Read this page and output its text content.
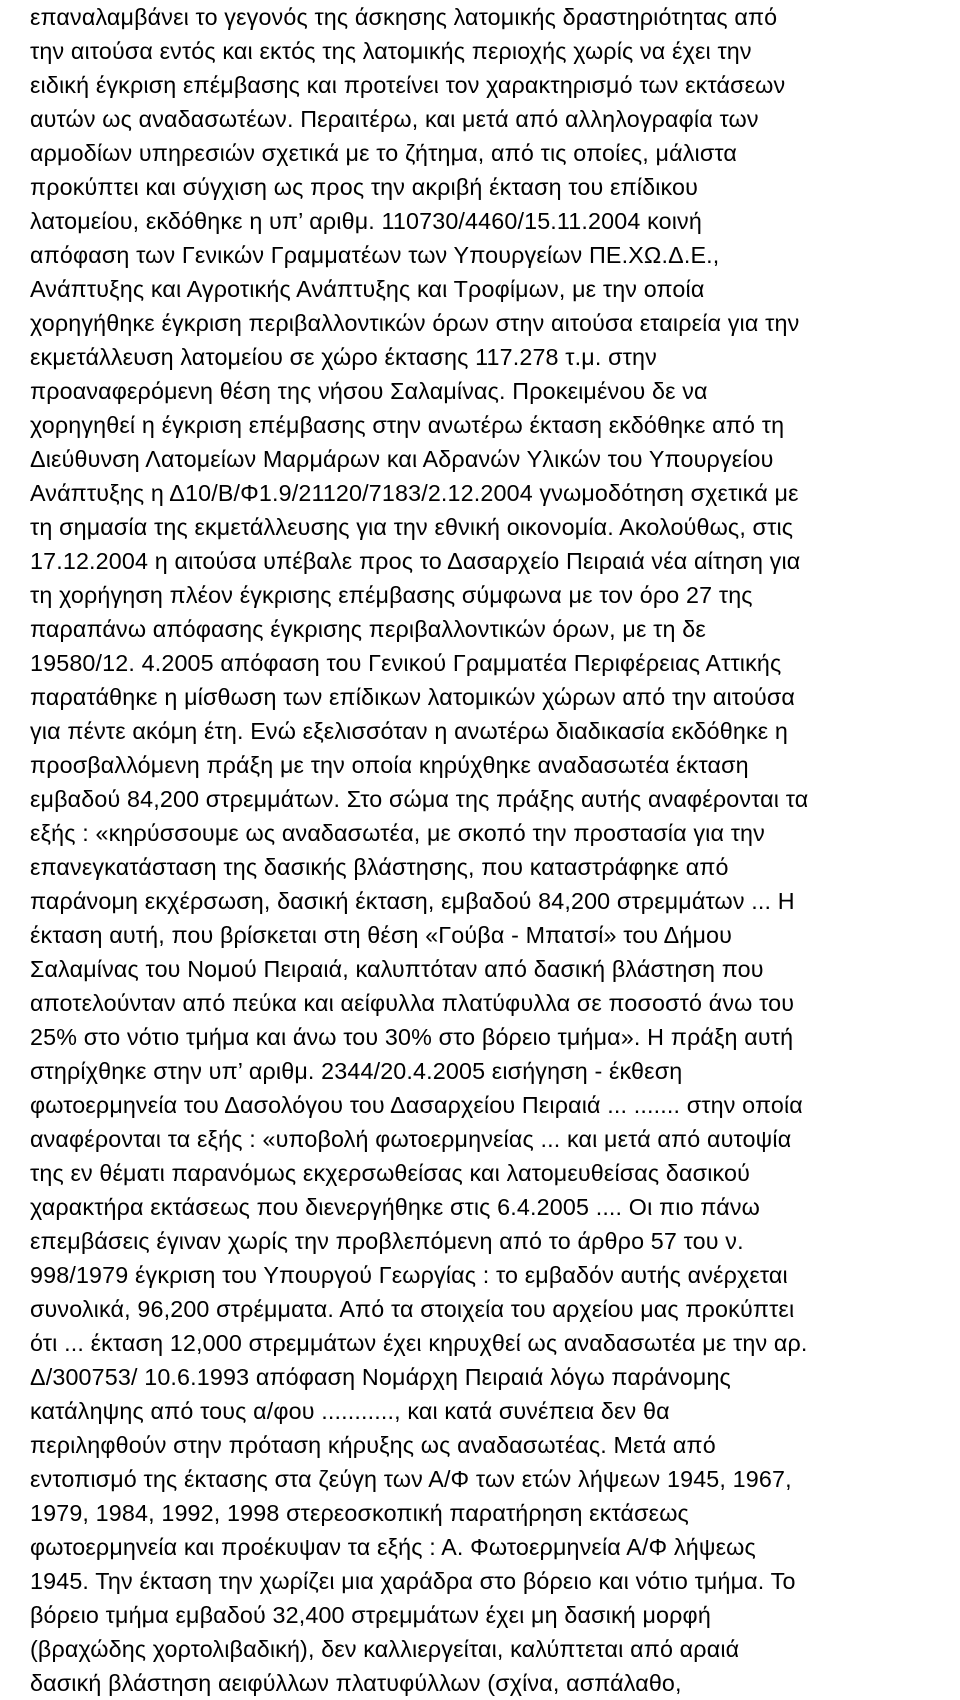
επαναλαμβάνει το γεγονός της άσκησης λατομικής δραστηριότητας από
την αιτούσα εντός και εκτός της λατομικής περιοχής χωρίς να έχει την
ειδική έγκριση επέμβασης και προτείνει τον χαρακτηρισμό των εκτάσεων
αυτών ως αναδασωτέων. Περαιτέρω, και μετά από αλληλογραφία των
αρμοδίων υπηρεσιών σχετικά με το ζήτημα, από τις οποίες, μάλιστα
προκύπτει και σύγχιση ως προς την ακριβή έκταση του επίδικου
λατομείου, εκδόθηκε η υπ’ αριθμ. 110730/4460/15.11.2004 κοινή
απόφαση των Γενικών Γραμματέων των Υπουργείων ΠΕ.ΧΩ.Δ.Ε.,
Ανάπτυξης και Αγροτικής Ανάπτυξης και Τροφίμων, με την οποία
χορηγήθηκε έγκριση περιβαλλοντικών όρων στην αιτούσα εταιρεία για την
εκμετάλλευση λατομείου σε χώρο έκτασης 117.278 τ.μ. στην
προαναφερόμενη θέση της νήσου Σαλαμίνας. Προκειμένου δε να
χορηγηθεί η έγκριση επέμβασης στην ανωτέρω έκταση εκδόθηκε από τη
Διεύθυνση Λατομείων Μαρμάρων και Αδρανών Υλικών του Υπουργείου
Ανάπτυξης η Δ10/Β/Φ1.9/21120/7183/2.12.2004 γνωμοδότηση σχετικά με
τη σημασία της εκμετάλλευσης για την εθνική οικονομία. Ακολούθως, στις
17.12.2004 η αιτούσα υπέβαλε προς το Δασαρχείο Πειραιά νέα αίτηση για
τη χορήγηση πλέον έγκρισης επέμβασης σύμφωνα με τον όρο 27 της
παραπάνω απόφασης έγκρισης περιβαλλοντικών όρων, με τη δε
19580/12. 4.2005 απόφαση του Γενικού Γραμματέα Περιφέρειας Αττικής
παρατάθηκε η μίσθωση των επίδικων λατομικών χώρων από την αιτούσα
για πέντε ακόμη έτη. Ενώ εξελισσόταν η ανωτέρω διαδικασία εκδόθηκε η
προσβαλλόμενη πράξη με την οποία κηρύχθηκε αναδασωτέα έκταση
εμβαδού 84,200 στρεμμάτων. Στο σώμα της πράξης αυτής αναφέρονται τα
εξής : «κηρύσσουμε ως αναδασωτέα, με σκοπό την προστασία για την
επανεγκατάσταση της δασικής βλάστησης, που καταστράφηκε από
παράνομη εκχέρσωση, δασική έκταση, εμβαδού 84,200 στρεμμάτων ... Η
έκταση αυτή, που βρίσκεται στη θέση «Γούβα - Μπατσί» του Δήμου
Σαλαμίνας του Νομού Πειραιά, καλυπτόταν από δασική βλάστηση που
αποτελούνταν από πεύκα και αείφυλλα πλατύφυλλα σε ποσοστό άνω του
25% στο νότιο τμήμα και άνω του 30% στο βόρειο τμήμα». Η πράξη αυτή
στηρίχθηκε στην υπ’ αριθμ. 2344/20.4.2005 εισήγηση - έκθεση
φωτοερμηνεία του Δασολόγου του Δασαρχείου Πειραιά ... ....... στην οποία
αναφέρονται τα εξής : «υποβολή φωτοερμηνείας ... και μετά από αυτοψία
της εν θέματι παρανόμως εκχερσωθείσας και λατομευθείσας δασικού
χαρακτήρα εκτάσεως που διενεργήθηκε στις 6.4.2005 .... Οι πιο πάνω
επεμβάσεις έγιναν χωρίς την προβλεπόμενη από το άρθρο 57 του ν.
998/1979 έγκριση του Υπουργού Γεωργίας : το εμβαδόν αυτής ανέρχεται
συνολικά, 96,200 στρέμματα. Από τα στοιχεία του αρχείου μας προκύπτει
ότι ... έκταση 12,000 στρεμμάτων έχει κηρυχθεί ως αναδασωτέα με την αρ.
Δ/300753/ 10.6.1993 απόφαση Νομάρχη Πειραιά λόγω παράνομης
κατάληψης από τους α/φου ..........., και κατά συνέπεια δεν θα
περιληφθούν στην πρόταση κήρυξης ως αναδασωτέας. Μετά από
εντοπισμό της έκτασης στα ζεύγη των Α/Φ των ετών λήψεων 1945, 1967,
1979, 1984, 1992, 1998 στερεοσκοπική παρατήρηση εκτάσεως
φωτοερμηνεία και προέκυψαν τα εξής : Α. Φωτοερμηνεία Α/Φ λήψεως
1945. Την έκταση την χωρίζει μια χαράδρα στο βόρειο και νότιο τμήμα. Το
βόρειο τμήμα εμβαδού 32,400 στρεμμάτων έχει μη δασική μορφή
(βραχώδης χορτολιβαδική), δεν καλλιεργείται, καλύπτεται από αραιά
δασική βλάστηση αειφύλλων πλατυφύλλων (σχίνα, ασπάλαθο,
